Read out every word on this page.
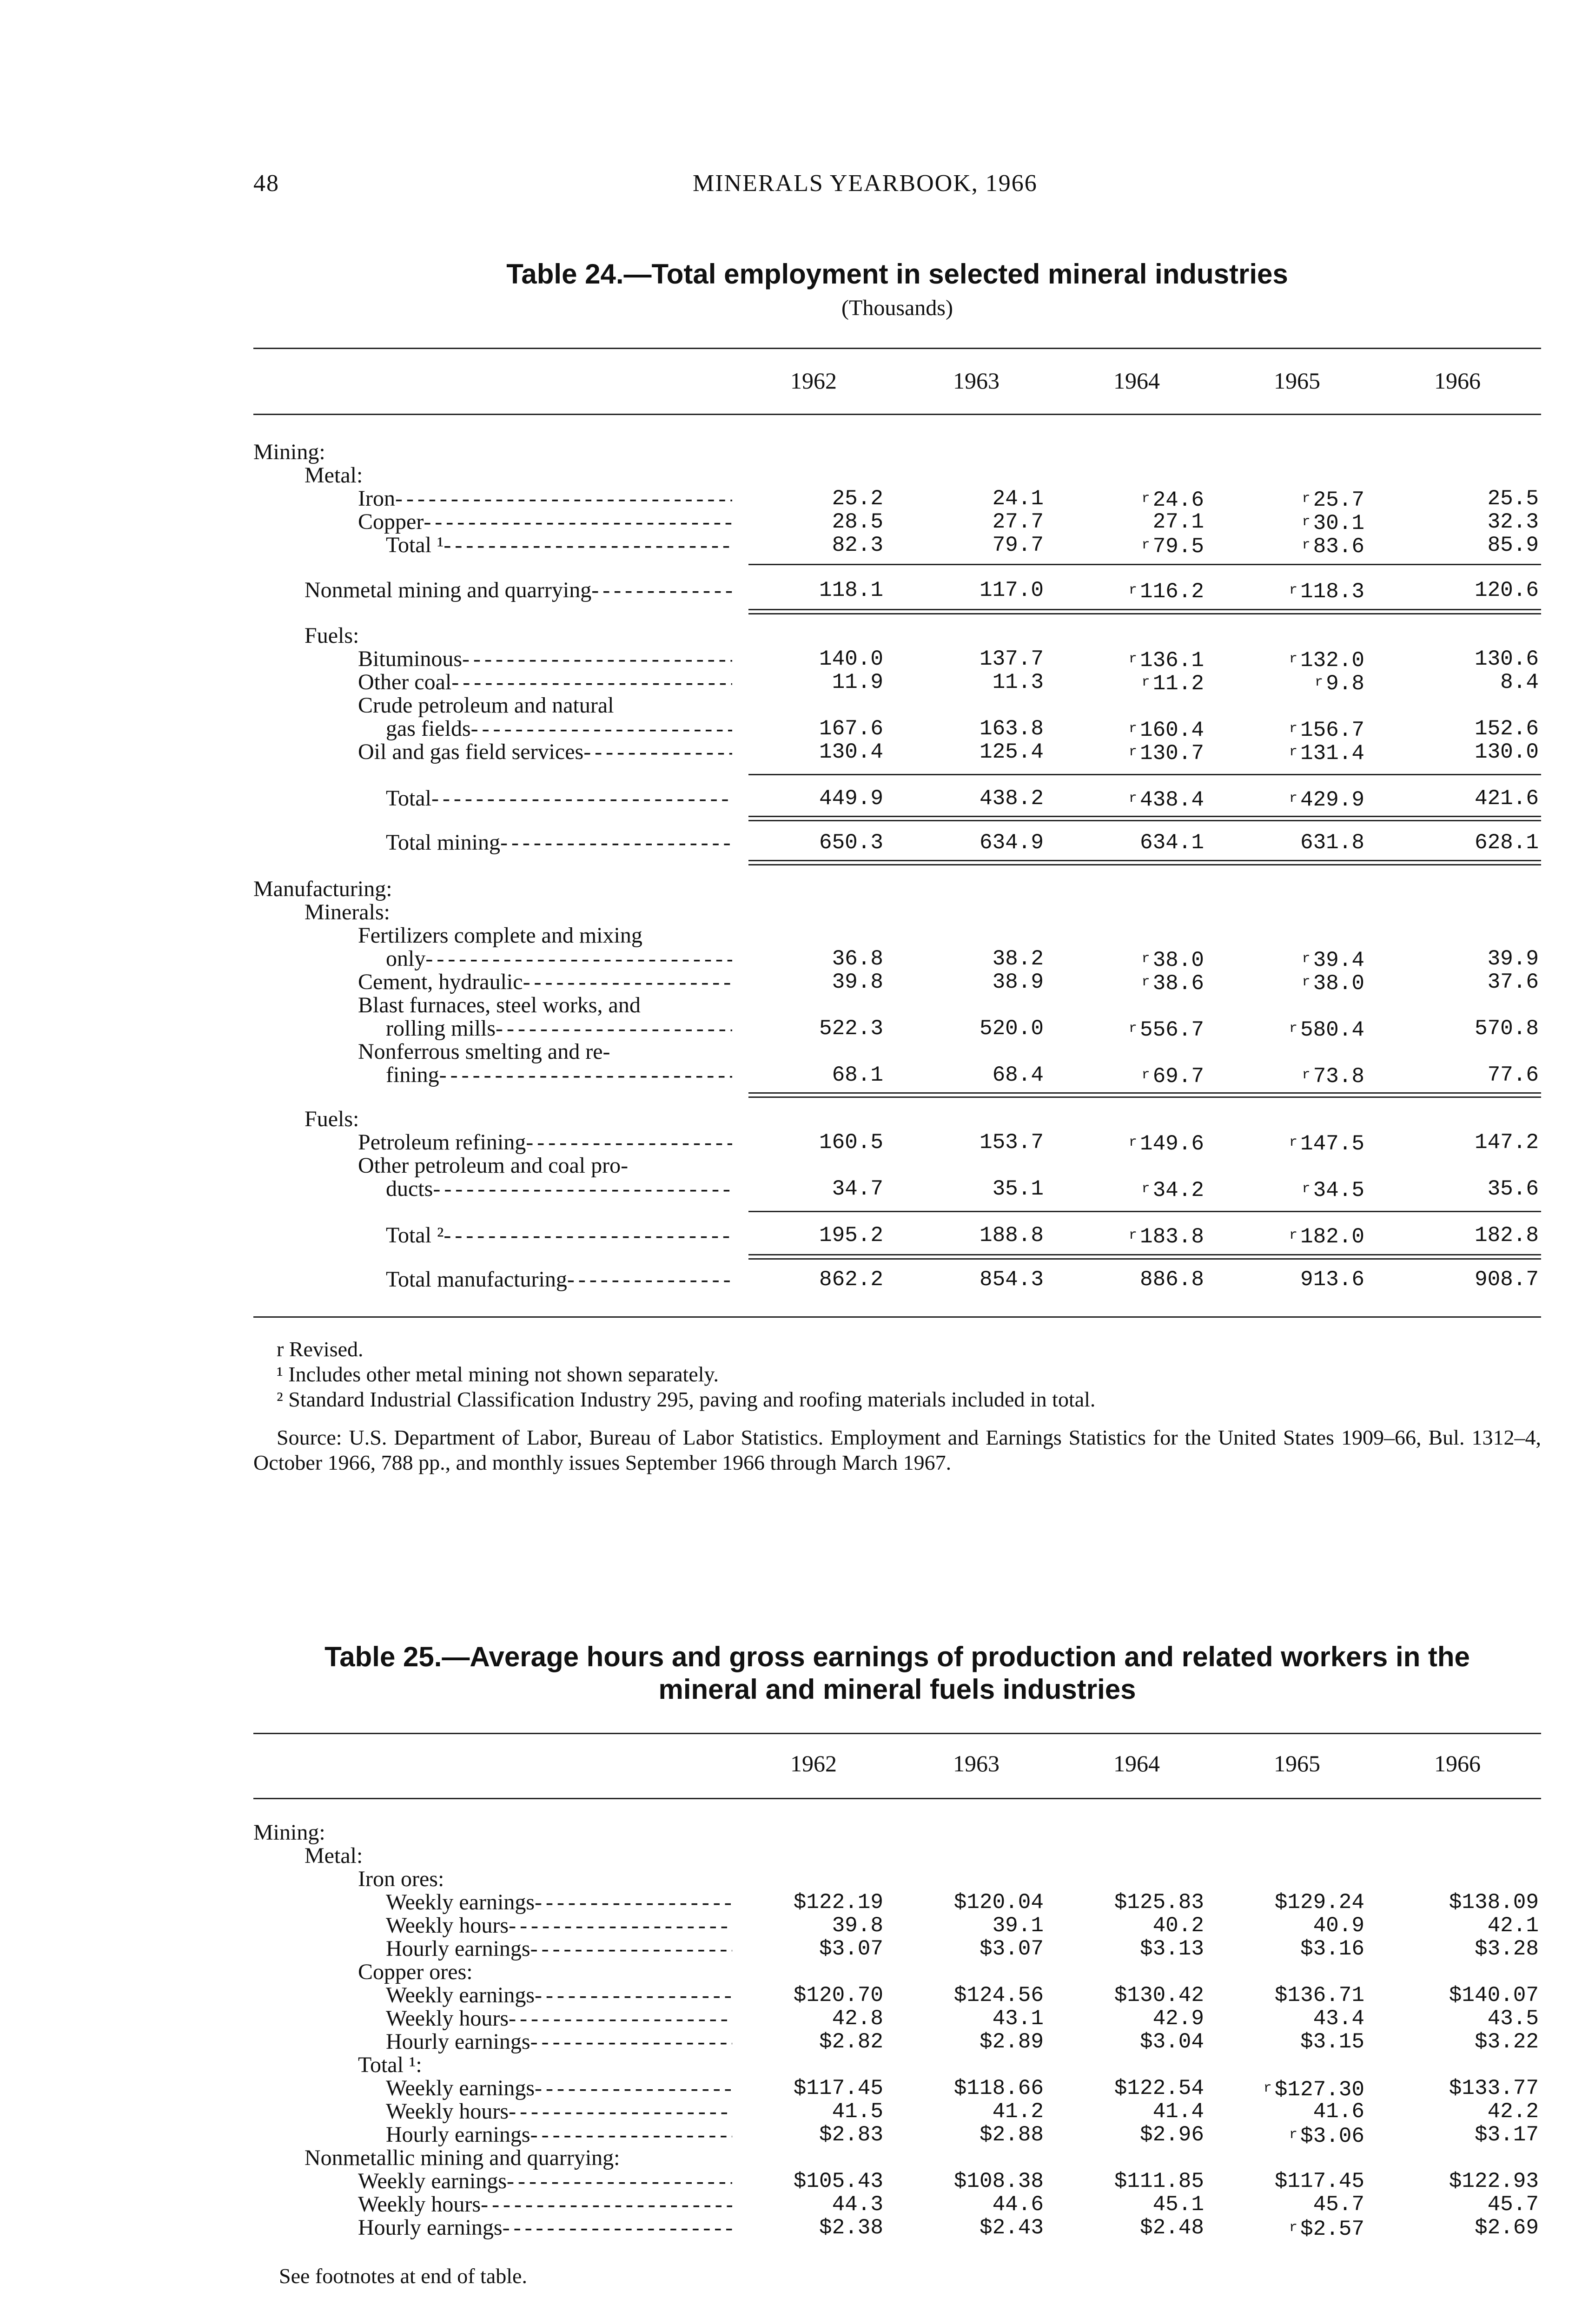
48	MINERALS YEARBOOK, 1966
Table 24.—Total employment in selected mineral industries
(Thousands)
1962	1963	1964	1965	1966
Mining:
Metal:
Iron - - -	25.2	24.1	r 24.6	r 25.7	25.5
Copper - - -	28.5	27.7	27.1	r 30.1	32.3
Total ¹ - - -	82.3	79.7	r 79.5	r 83.6	85.9
Nonmetal mining and quarrying - - -	118.1	117.0	r 116.2	r 118.3	120.6
Fuels:
Bituminous - - -	140.0	137.7	r 136.1	r 132.0	130.6
Other coal - - -	11.9	11.3	r 11.2	r 9.8	8.4
Crude petroleum and natural
gas fields - - -	167.6	163.8	r 160.4	r 156.7	152.6
Oil and gas field services - - -	130.4	125.4	r 130.7	r 131.4	130.0
Total - - -	449.9	438.2	r 438.4	r 429.9	421.6
Total mining - - -	650.3	634.9	634.1	631.8	628.1
Manufacturing:
Minerals:
Fertilizers complete and mixing
only - - -	36.8	38.2	r 38.0	r 39.4	39.9
Cement, hydraulic - - -	39.8	38.9	r 38.6	r 38.0	37.6
Blast furnaces, steel works, and
rolling mills - - -	522.3	520.0	r 556.7	r 580.4	570.8
Nonferrous smelting and re-
fining - - -	68.1	68.4	r 69.7	r 73.8	77.6
Fuels:
Petroleum refining - - -	160.5	153.7	r 149.6	r 147.5	147.2
Other petroleum and coal pro-
ducts - - -	34.7	35.1	r 34.2	r 34.5	35.6
Total ² - - -	195.2	188.8	r 183.8	r 182.0	182.8
Total manufacturing - - -	862.2	854.3	886.8	913.6	908.7
r Revised.
¹ Includes other metal mining not shown separately.
² Standard Industrial Classification Industry 295, paving and roofing materials included in total.
Source: U.S. Department of Labor, Bureau of Labor Statistics. Employment and Earnings Statistics for the United States 1909–66, Bul. 1312–4, October 1966, 788 pp., and monthly issues September 1966 through March 1967.
Table 25.—Average hours and gross earnings of production and related workers in the
mineral and mineral fuels industries
1962	1963	1964	1965	1966
Mining:
Metal:
Iron ores:
Weekly earnings - - -	$122.19	$120.04	$125.83	$129.24	$138.09
Weekly hours - - -	39.8	39.1	40.2	40.9	42.1
Hourly earnings - - -	$3.07	$3.07	$3.13	$3.16	$3.28
Copper ores:
Weekly earnings - - -	$120.70	$124.56	$130.42	$136.71	$140.07
Weekly hours - - -	42.8	43.1	42.9	43.4	43.5
Hourly earnings - - -	$2.82	$2.89	$3.04	$3.15	$3.22
Total ¹:
Weekly earnings - - -	$117.45	$118.66	$122.54	r $127.30	$133.77
Weekly hours - - -	41.5	41.2	41.4	41.6	42.2
Hourly earnings - - -	$2.83	$2.88	$2.96	r $3.06	$3.17
Nonmetallic mining and quarrying:
Weekly earnings - - -	$105.43	$108.38	$111.85	$117.45	$122.93
Weekly hours - - -	44.3	44.6	45.1	45.7	45.7
Hourly earnings - - -	$2.38	$2.43	$2.48	r $2.57	$2.69
See footnotes at end of table.
